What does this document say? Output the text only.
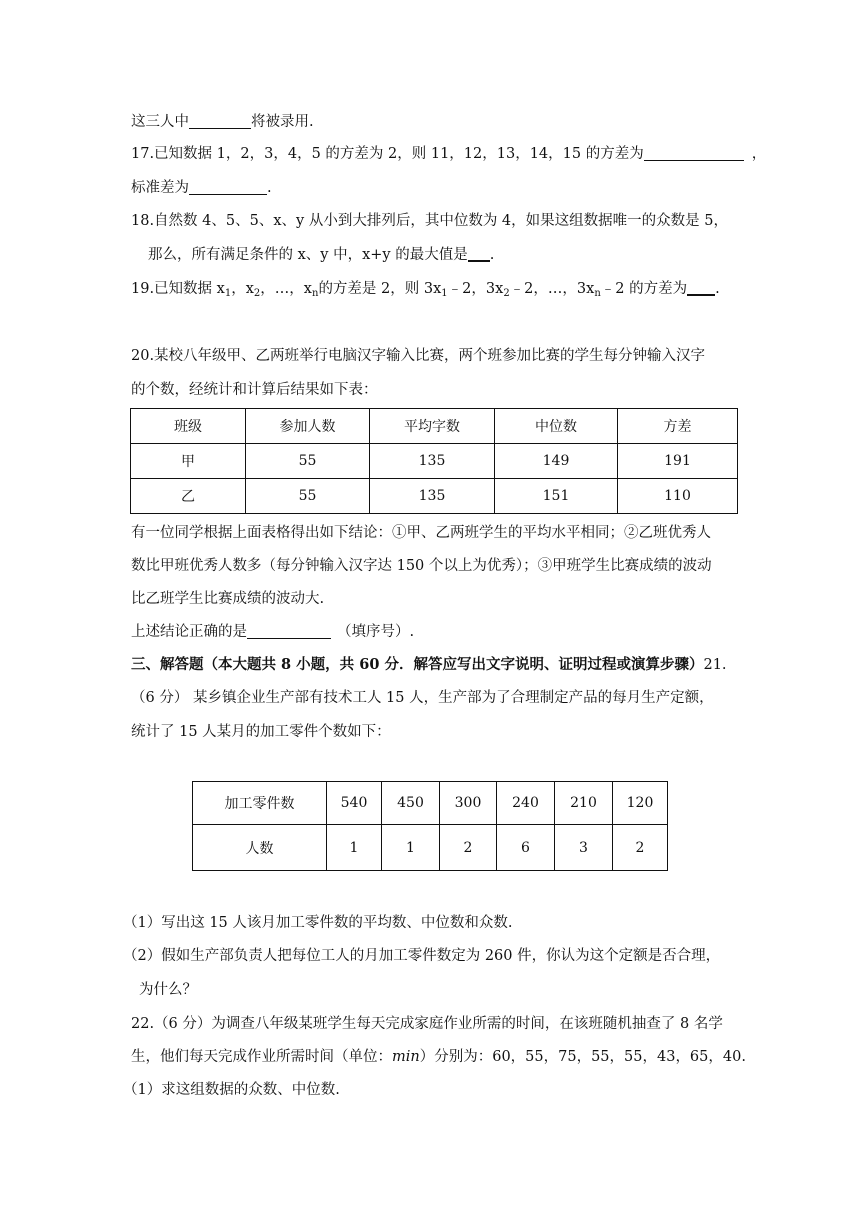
这三人中	将被录用.
17.已知数据 1，2，3，4，5 的方差为 2，则 11，12，13，14，15 的方差为	，
标准差为	.
18.自然数 4、5、5、x、y 从小到大排列后，其中位数为 4，如果这组数据唯一的众数是 5，
那么，所有满足条件的 x、y 中，x+y 的最大值是 .
19.已知数据 $x_1$，$x_2$，…，$x_n$的方差是 2，则 $3x_1﹣2$，$3x_2﹣2$，…，$3x_n﹣2$ 的方差为 .
20.某校八年级甲、乙两班举行电脑汉字输入比赛，两个班参加比赛的学生每分钟输入汉字
的个数，经统计和计算后结果如下表：
班级	参加人数	平均字数	中位数	方差
甲	55	135	149	191
乙	55	135	151	110
有一位同学根据上面表格得出如下结论：①甲、乙两班学生的平均水平相同；②乙班优秀人
数比甲班优秀人数多（每分钟输入汉字达 150 个以上为优秀）；③甲班学生比赛成绩的波动
比乙班学生比赛成绩的波动大.
上述结论正确的是	（填序号）.
三、解答题（本大题共 8 小题，共 60 分．解答应写出文字说明、证明过程或演算步骤）21.
（6 分） 某乡镇企业生产部有技术工人 15 人，生产部为了合理制定产品的每月生产定额，
统计了 15 人某月的加工零件个数如下：
加工零件数	540	450	300	240	210	120
人数	1	1	2	6	3	2
（1）写出这 15 人该月加工零件数的平均数、中位数和众数.
（2）假如生产部负责人把每位工人的月加工零件数定为 260 件，你认为这个定额是否合理，
为什么？
22.（6 分）为调查八年级某班学生每天完成家庭作业所需的时间，在该班随机抽查了 8 名学
生，他们每天完成作业所需时间（单位：min）分别为：60，55，75，55，55，43，65，40.
（1）求这组数据的众数、中位数.
